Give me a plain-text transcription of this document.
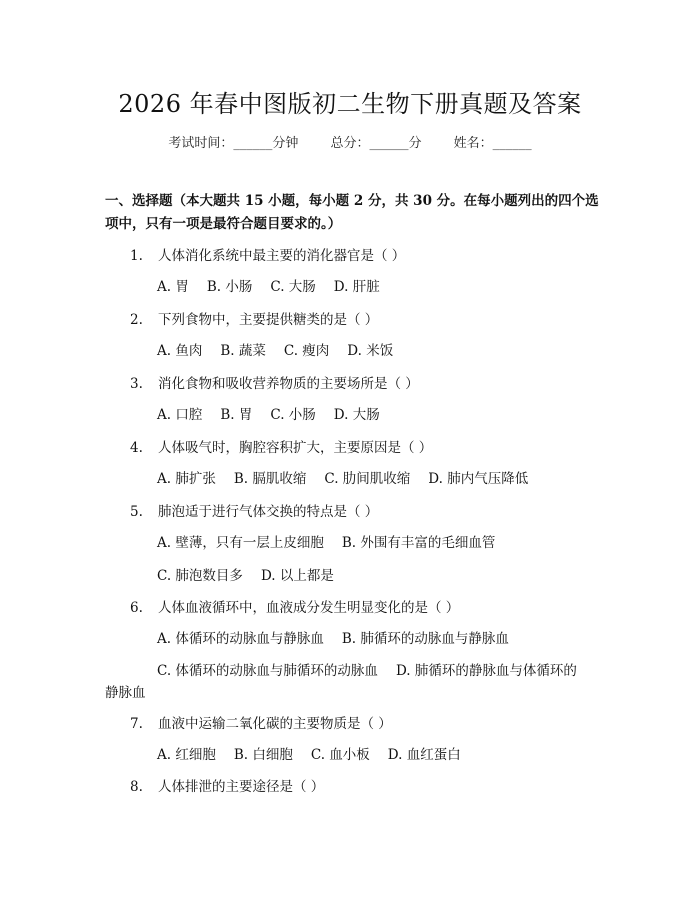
2026 年春中图版初二生物下册真题及答案
考试时间：______分钟 总分：______分 姓名：______
一、选择题（本大题共 15 小题，每小题 2 分，共 30 分。在每小题列出的四个选项中，只有一项是最符合题目要求的。）
1. 人体消化系统中最主要的消化器官是（ ）
A. 胃 B. 小肠 C. 大肠 D. 肝脏
2. 下列食物中，主要提供糖类的是（ ）
A. 鱼肉 B. 蔬菜 C. 瘦肉 D. 米饭
3. 消化食物和吸收营养物质的主要场所是（ ）
A. 口腔 B. 胃 C. 小肠 D. 大肠
4. 人体吸气时，胸腔容积扩大，主要原因是（ ）
A. 肺扩张 B. 膈肌收缩 C. 肋间肌收缩 D. 肺内气压降低
5. 肺泡适于进行气体交换的特点是（ ）
A. 壁薄，只有一层上皮细胞 B. 外围有丰富的毛细血管
C. 肺泡数目多 D. 以上都是
6. 人体血液循环中，血液成分发生明显变化的是（ ）
A. 体循环的动脉血与静脉血 B. 肺循环的动脉血与静脉血
C. 体循环的动脉血与肺循环的动脉血 D. 肺循环的静脉血与体循环的
静脉血
7. 血液中运输二氧化碳的主要物质是（ ）
A. 红细胞 B. 白细胞 C. 血小板 D. 血红蛋白
8. 人体排泄的主要途径是（ ）
